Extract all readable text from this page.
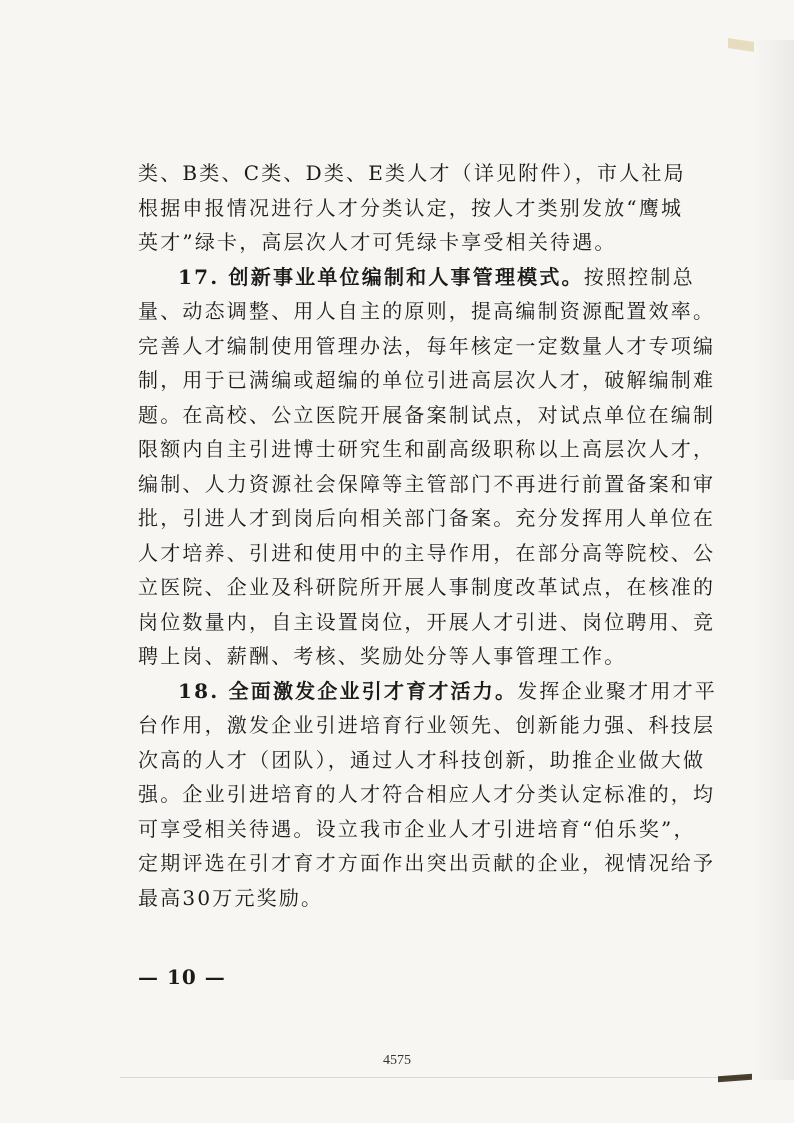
类、B类、C类、D类、E类人才（详见附件），市人社局
根据申报情况进行人才分类认定，按人才类别发放“鹰城
英才”绿卡，高层次人才可凭绿卡享受相关待遇。
17. 创新事业单位编制和人事管理模式。按照控制总
量、动态调整、用人自主的原则，提高编制资源配置效率。
完善人才编制使用管理办法，每年核定一定数量人才专项编
制，用于已满编或超编的单位引进高层次人才，破解编制难
题。在高校、公立医院开展备案制试点，对试点单位在编制
限额内自主引进博士研究生和副高级职称以上高层次人才，
编制、人力资源社会保障等主管部门不再进行前置备案和审
批，引进人才到岗后向相关部门备案。充分发挥用人单位在
人才培养、引进和使用中的主导作用，在部分高等院校、公
立医院、企业及科研院所开展人事制度改革试点，在核准的
岗位数量内，自主设置岗位，开展人才引进、岗位聘用、竞
聘上岗、薪酬、考核、奖励处分等人事管理工作。
18. 全面激发企业引才育才活力。发挥企业聚才用才平
台作用，激发企业引进培育行业领先、创新能力强、科技层
次高的人才（团队），通过人才科技创新，助推企业做大做
强。企业引进培育的人才符合相应人才分类认定标准的，均
可享受相关待遇。设立我市企业人才引进培育“伯乐奖”，
定期评选在引才育才方面作出突出贡献的企业，视情况给予
最高30万元奖励。
— 10 —
4575
